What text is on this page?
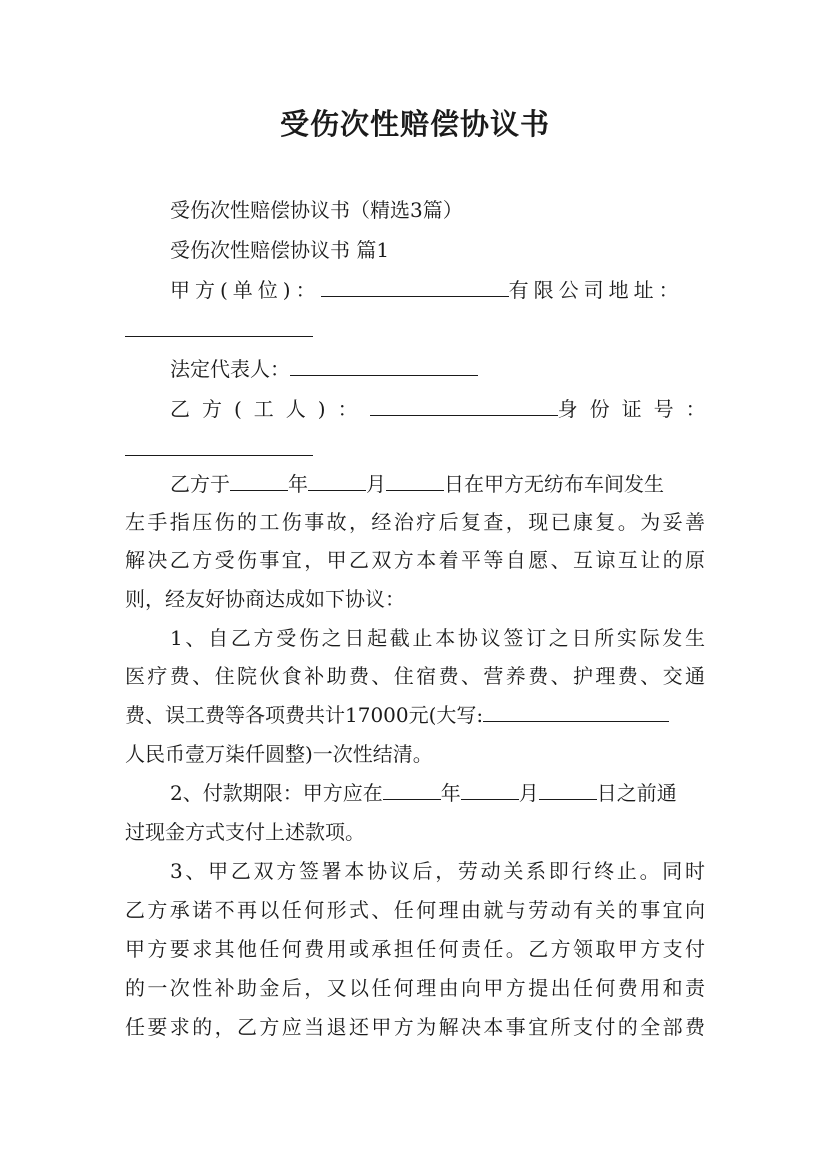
受伤次性赔偿协议书
受伤次性赔偿协议书（精选3篇）
受伤次性赔偿协议书 篇1
甲方(单位)：	有限公司地址：
法定代表人：
乙方(工人)：	身份证号：
乙方于	年	月	日在甲方无纺布车间发生
左手指压伤的工伤事故，经治疗后复查，现已康复。为妥善
解决乙方受伤事宜，甲乙双方本着平等自愿、互谅互让的原
则，经友好协商达成如下协议：
1、自乙方受伤之日起截止本协议签订之日所实际发生
医疗费、住院伙食补助费、住宿费、营养费、护理费、交通
费、误工费等各项费共计17000元(大写:
人民币壹万柒仟圆整)一次性结清。
2、付款期限：甲方应在	年	月	日之前通
过现金方式支付上述款项。
3、甲乙双方签署本协议后，劳动关系即行终止。同时
乙方承诺不再以任何形式、任何理由就与劳动有关的事宜向
甲方要求其他任何费用或承担任何责任。乙方领取甲方支付
的一次性补助金后，又以任何理由向甲方提出任何费用和责
任要求的，乙方应当退还甲方为解决本事宜所支付的全部费
